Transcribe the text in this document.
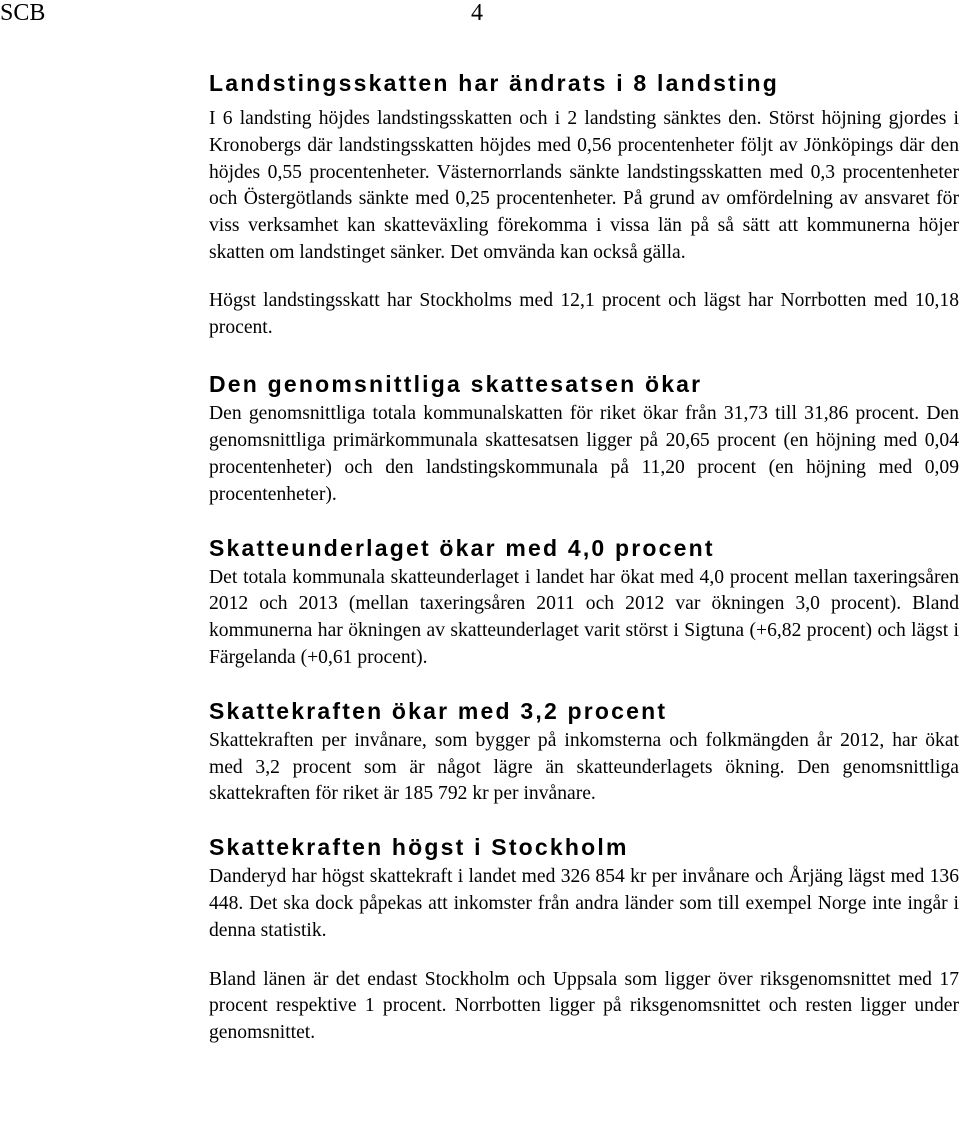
SCB	4
Landstingsskatten har ändrats i 8 landsting

I 6 landsting höjdes landstingsskatten och i 2 landsting sänktes den. Störst höjning gjordes i Kronobergs där landstingsskatten höjdes med 0,56 procentenheter följt av Jönköpings där den höjdes 0,55 procentenheter. Västernorrlands sänkte landstingsskatten med 0,3 procentenheter och Östergötlands sänkte med 0,25 procentenheter. På grund av omfördelning av ansvaret för viss verksamhet kan skatteväxling förekomma i vissa län på så sätt att kommunerna höjer skatten om landstinget sänker. Det omvända kan också gälla.

Högst landstingsskatt har Stockholms med 12,1 procent och lägst har Norrbotten med 10,18 procent.

Den genomsnittliga skattesatsen ökar

Den genomsnittliga totala kommunalskatten för riket ökar från 31,73 till 31,86 procent. Den genomsnittliga primärkommunala skattesatsen ligger på 20,65 procent (en höjning med 0,04 procentenheter) och den landstingskommunala på 11,20 procent (en höjning med 0,09 procentenheter).

Skatteunderlaget ökar med 4,0 procent

Det totala kommunala skatteunderlaget i landet har ökat med 4,0 procent mellan taxeringsåren 2012 och 2013 (mellan taxeringsåren 2011 och 2012 var ökningen 3,0 procent). Bland kommunerna har ökningen av skatteunderlaget varit störst i Sigtuna (+6,82 procent) och lägst i Färgelanda (+0,61 procent).

Skattekraften ökar med 3,2 procent

Skattekraften per invånare, som bygger på inkomsterna och folkmängden år 2012, har ökat med 3,2 procent som är något lägre än skatteunderlagets ökning. Den genomsnittliga skattekraften för riket är 185 792 kr per invånare.

Skattekraften högst i Stockholm

Danderyd har högst skattekraft i landet med 326 854 kr per invånare och Årjäng lägst med 136 448. Det ska dock påpekas att inkomster från andra länder som till exempel Norge inte ingår i denna statistik.

Bland länen är det endast Stockholm och Uppsala som ligger över riksgenomsnittet med 17 procent respektive 1 procent. Norrbotten ligger på riksgenomsnittet och resten ligger under genomsnittet.
